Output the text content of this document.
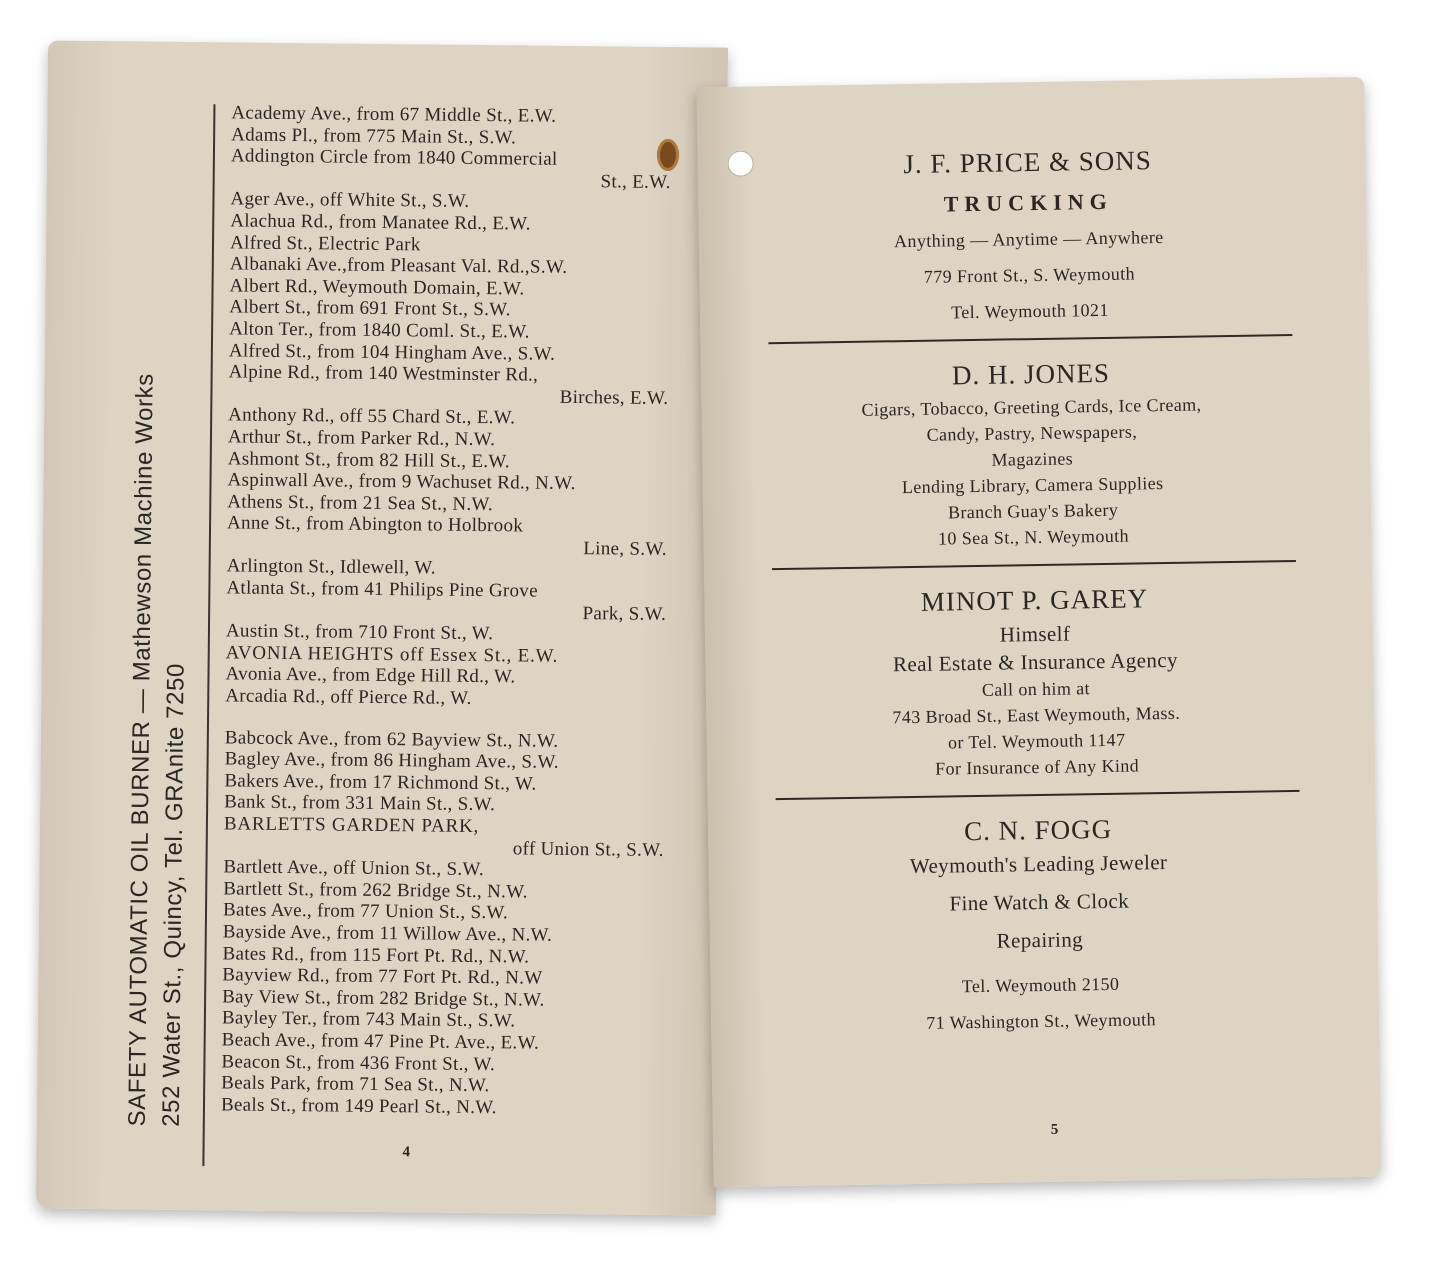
SAFETY AUTOMATIC OIL BURNER — Mathewson Machine Works 252 Water St., Quincy, Tel. GRAnite 7250
Academy Ave., from 67 Middle St., E.W.
Adams Pl., from 775 Main St., S.W.
Addington Circle from 1840 Commercial
St., E.W.
Ager Ave., off White St., S.W.
Alachua Rd., from Manatee Rd., E.W.
Alfred St., Electric Park
Albanaki Ave.,from Pleasant Val. Rd.,S.W.
Albert Rd., Weymouth Domain, E.W.
Albert St., from 691 Front St., S.W.
Alton Ter., from 1840 Coml. St., E.W.
Alfred St., from 104 Hingham Ave., S.W.
Alpine Rd., from 140 Westminster Rd.,
Birches, E.W.
Anthony Rd., off 55 Chard St., E.W.
Arthur St., from Parker Rd., N.W.
Ashmont St., from 82 Hill St., E.W.
Aspinwall Ave., from 9 Wachuset Rd., N.W.
Athens St., from 21 Sea St., N.W.
Anne St., from Abington to Holbrook
Line, S.W.
Arlington St., Idlewell, W.
Atlanta St., from 41 Philips Pine Grove
Park, S.W.
Austin St., from 710 Front St., W.
AVONIA HEIGHTS off Essex St., E.W.
Avonia Ave., from Edge Hill Rd., W.
Arcadia Rd., off Pierce Rd., W.
Babcock Ave., from 62 Bayview St., N.W.
Bagley Ave., from 86 Hingham Ave., S.W.
Bakers Ave., from 17 Richmond St., W.
Bank St., from 331 Main St., S.W.
BARLETTS GARDEN PARK,
off Union St., S.W.
Bartlett Ave., off Union St., S.W.
Bartlett St., from 262 Bridge St., N.W.
Bates Ave., from 77 Union St., S.W.
Bayside Ave., from 11 Willow Ave., N.W.
Bates Rd., from 115 Fort Pt. Rd., N.W.
Bayview Rd., from 77 Fort Pt. Rd., N.W
Bay View St., from 282 Bridge St., N.W.
Bayley Ter., from 743 Main St., S.W.
Beach Ave., from 47 Pine Pt. Ave., E.W.
Beacon St., from 436 Front St., W.
Beals Park, from 71 Sea St., N.W.
Beals St., from 149 Pearl St., N.W.
4
J. F. PRICE & SONS
TRUCKING
Anything — Anytime — Anywhere
779 Front St., S. Weymouth
Tel. Weymouth 1021
D. H. JONES
Cigars, Tobacco, Greeting Cards, Ice Cream,
Candy, Pastry, Newspapers,
Magazines
Lending Library, Camera Supplies
Branch Guay's Bakery
10 Sea St., N. Weymouth
MINOT P. GAREY
Himself
Real Estate & Insurance Agency
Call on him at
743 Broad St., East Weymouth, Mass.
or Tel. Weymouth 1147
For Insurance of Any Kind
C. N. FOGG
Weymouth's Leading Jeweler
Fine Watch & Clock
Repairing
Tel. Weymouth 2150
71 Washington St., Weymouth
5
